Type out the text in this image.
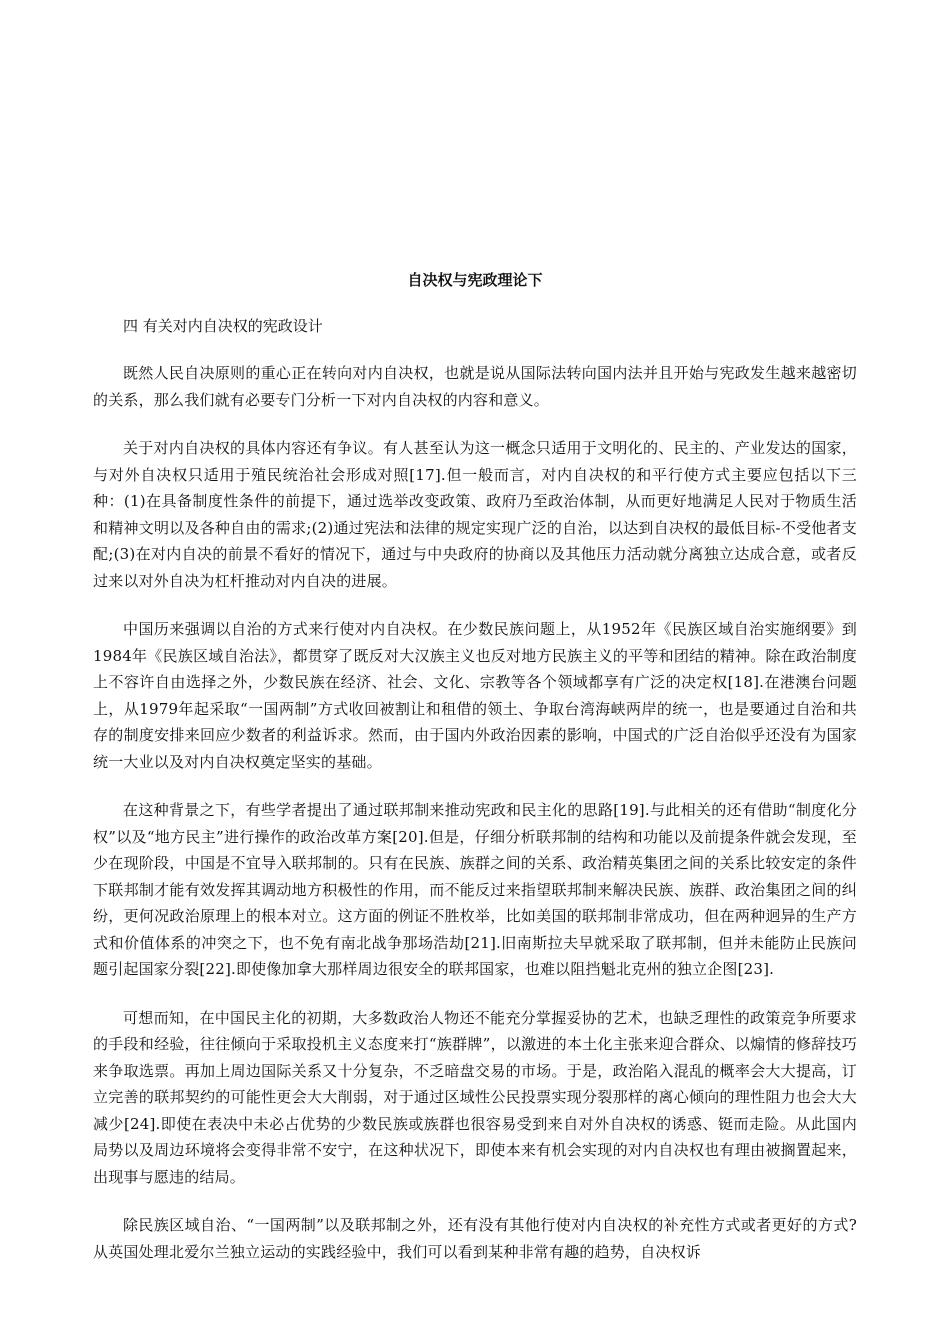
自决权与宪政理论下
四 有关对内自决权的宪政设计

既然人民自决原则的重心正在转向对内自决权，也就是说从国际法转向国内法并且开始与宪政发生越来越密切的关系，那么我们就有必要专门分析一下对内自决权的内容和意义。

关于对内自决权的具体内容还有争议。有人甚至认为这一概念只适用于文明化的、民主的、产业发达的国家，与对外自决权只适用于殖民统治社会形成对照[17].但一般而言，对内自决权的和平行使方式主要应包括以下三种：(1)在具备制度性条件的前提下，通过选举改变政策、政府乃至政治体制，从而更好地满足人民对于物质生活和精神文明以及各种自由的需求;(2)通过宪法和法律的规定实现广泛的自治，以达到自决权的最低目标-不受他者支配;(3)在对内自决的前景不看好的情况下，通过与中央政府的协商以及其他压力活动就分离独立达成合意，或者反过来以对外自决为杠杆推动对内自决的进展。

中国历来强调以自治的方式来行使对内自决权。在少数民族问题上，从1952年《民族区域自治实施纲要》到1984年《民族区域自治法》，都贯穿了既反对大汉族主义也反对地方民族主义的平等和团结的精神。除在政治制度上不容许自由选择之外，少数民族在经济、社会、文化、宗教等各个领域都享有广泛的决定权[18].在港澳台问题上，从1979年起采取“一国两制”方式收回被割让和租借的领土、争取台湾海峡两岸的统一，也是要通过自治和共存的制度安排来回应少数者的利益诉求。然而，由于国内外政治因素的影响，中国式的广泛自治似乎还没有为国家统一大业以及对内自决权奠定坚实的基础。

在这种背景之下，有些学者提出了通过联邦制来推动宪政和民主化的思路[19].与此相关的还有借助“制度化分权”以及“地方民主”进行操作的政治改革方案[20].但是，仔细分析联邦制的结构和功能以及前提条件就会发现，至少在现阶段，中国是不宜导入联邦制的。只有在民族、族群之间的关系、政治精英集团之间的关系比较安定的条件下联邦制才能有效发挥其调动地方积极性的作用，而不能反过来指望联邦制来解决民族、族群、政治集团之间的纠纷，更何况政治原理上的根本对立。这方面的例证不胜枚举，比如美国的联邦制非常成功，但在两种迥异的生产方式和价值体系的冲突之下，也不免有南北战争那场浩劫[21].旧南斯拉夫早就采取了联邦制，但并未能防止民族问题引起国家分裂[22].即使像加拿大那样周边很安全的联邦国家，也难以阻挡魁北克州的独立企图[23].

可想而知，在中国民主化的初期，大多数政治人物还不能充分掌握妥协的艺术，也缺乏理性的政策竞争所要求的手段和经验，往往倾向于采取投机主义态度来打“族群牌”，以激进的本土化主张来迎合群众、以煽情的修辞技巧来争取选票。再加上周边国际关系又十分复杂，不乏暗盘交易的市场。于是，政治陷入混乱的概率会大大提高，订立完善的联邦契约的可能性更会大大削弱，对于通过区域性公民投票实现分裂那样的离心倾向的理性阻力也会大大减少[24].即使在表决中未必占优势的少数民族或族群也很容易受到来自对外自决权的诱惑、铤而走险。从此国内局势以及周边环境将会变得非常不安宁，在这种状况下，即使本来有机会实现的对内自决权也有理由被搁置起来，出现事与愿违的结局。

除民族区域自治、“一国两制”以及联邦制之外，还有没有其他行使对内自决权的补充性方式或者更好的方式?从英国处理北爱尔兰独立运动的实践经验中，我们可以看到某种非常有趣的趋势，自决权诉
